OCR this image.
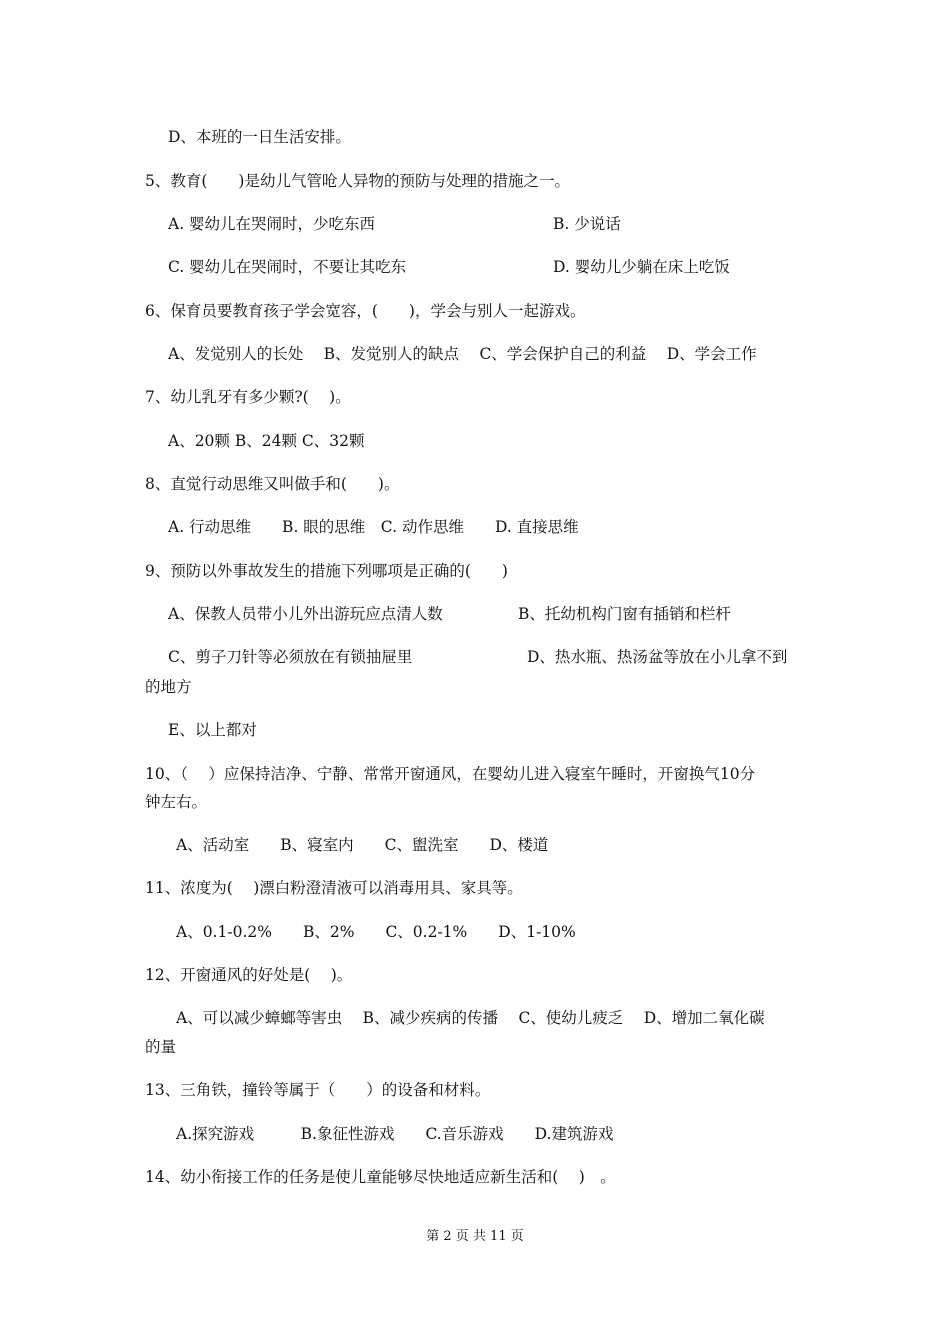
D、本班的一日生活安排。
5、教育(　　)是幼儿气管呛人异物的预防与处理的措施之一。
A. 婴幼儿在哭闹时，少吃东西	B. 少说话
C. 婴幼儿在哭闹时，不要让其吃东	D. 婴幼儿少躺在床上吃饭
6、保育员要教育孩子学会宽容，(　　)，学会与别人一起游戏。
A、发觉别人的长处　 B、发觉别人的缺点　 C、学会保护自己的利益　 D、学会工作
7、幼儿乳牙有多少颗?(　 )。
A、20颗 B、24颗 C、32颗
8、直觉行动思维又叫做手和(　　)。
A. 行动思维　　B. 眼的思维　C. 动作思维　　D. 直接思维
9、预防以外事故发生的措施下列哪项是正确的(　　)
A、保教人员带小儿外出游玩应点清人数	B、托幼机构门窗有插销和栏杆
C、剪子刀针等必须放在有锁抽屉里	D、热水瓶、热汤盆等放在小儿拿不到
的地方
E、以上都对
10、（　 ）应保持洁净、宁静、常常开窗通风，在婴幼儿进入寝室午睡时，开窗换气10分
钟左右。
A、活动室　　B、寝室内　　C、盥洗室　　D、楼道
11、浓度为(　 )漂白粉澄清液可以消毒用具、家具等。
A、0.1-0.2%　　B、2%　　C、0.2-1%　　D、1-10%
12、开窗通风的好处是(　 )。
A、可以减少蟑螂等害虫　 B、减少疾病的传播　 C、使幼儿疲乏　 D、增加二氧化碳
的量
13、三角铁，撞铃等属于（　　）的设备和材料。
A.探究游戏　　　B.象征性游戏　　C.音乐游戏　　D.建筑游戏
14、幼小衔接工作的任务是使儿童能够尽快地适应新生活和(　 )　。
第 2 页 共 11 页
